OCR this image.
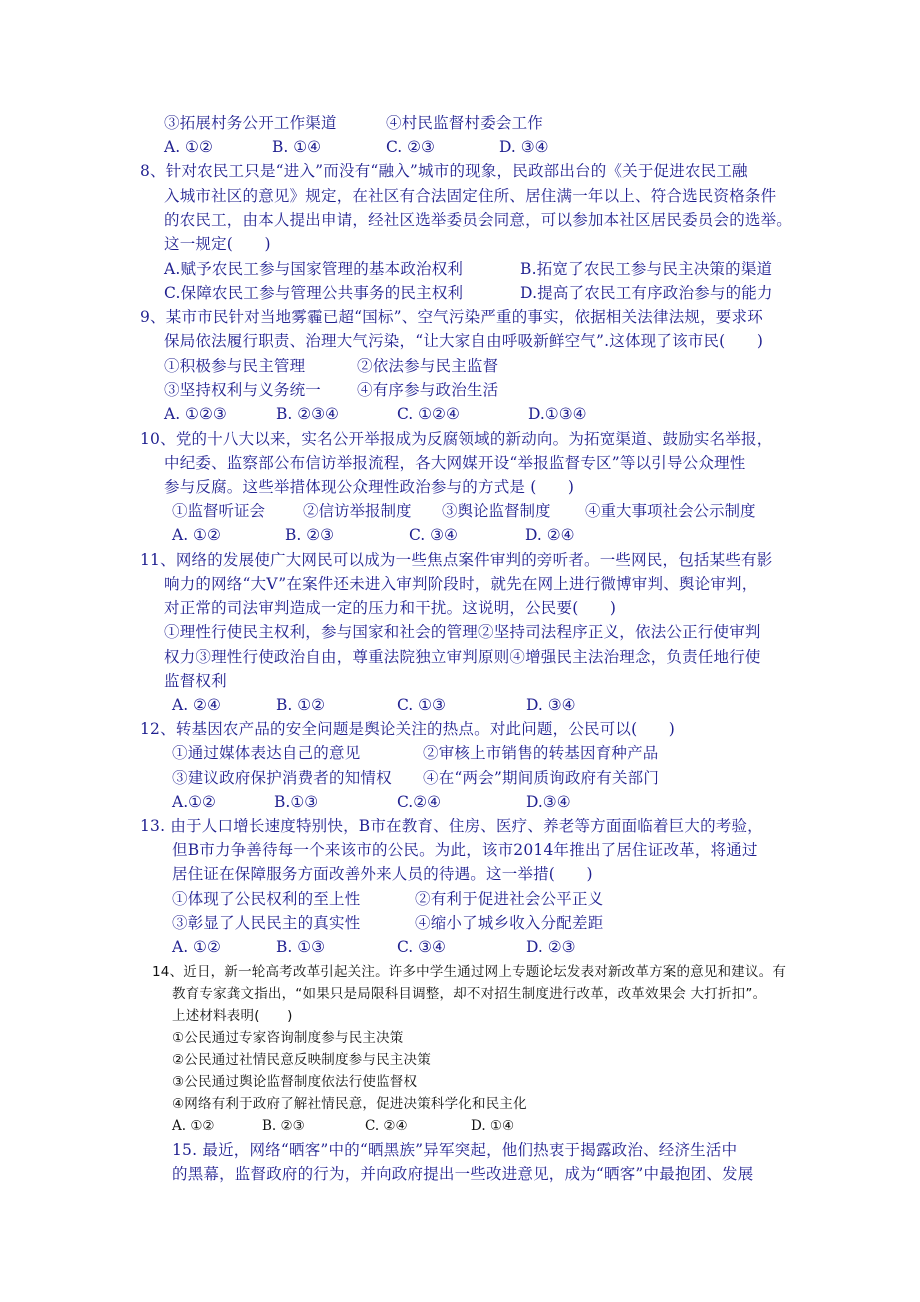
③拓展村务公开工作渠道	④村民监督村委会工作
A. ①②	B. ①④	C. ②③	D. ③④
8、针对农民工只是“进入”而没有“融入”城市的现象，民政部出台的《关于促进农民工融
入城市社区的意见》规定，在社区有合法固定住所、居住满一年以上、符合选民资格条件
的农民工，由本人提出申请，经社区选举委员会同意，可以参加本社区居民委员会的选举。
这一规定(　　)
A.赋予农民工参与国家管理的基本政治权利	B.拓宽了农民工参与民主决策的渠道
C.保障农民工参与管理公共事务的民主权利	D.提高了农民工有序政治参与的能力
9、某市市民针对当地雾霾已超“国标”、空气污染严重的事实，依据相关法律法规，要求环
保局依法履行职责、治理大气污染，“让大家自由呼吸新鲜空气”.这体现了该市民(　　)
①积极参与民主管理	②依法参与民主监督
③坚持权利与义务统一 ④有序参与政治生活
A. ①②③	B. ②③④	C. ①②④	D.①③④
10、党的十八大以来，实名公开举报成为反腐领域的新动向。为拓宽渠道、鼓励实名举报，
中纪委、监察部公布信访举报流程，各大网媒开设“举报监督专区”等以引导公众理性
参与反腐。这些举措体现公众理性政治参与的方式是 (　　)
①监督听证会 ②信访举报制度 ③舆论监督制度 ④重大事项社会公示制度
A. ①②	B. ②③	C. ③④	D. ②④
11、网络的发展使广大网民可以成为一些焦点案件审判的旁听者。一些网民，包括某些有影
响力的网络“大V”在案件还未进入审判阶段时，就先在网上进行微博审判、舆论审判，
对正常的司法审判造成一定的压力和干扰。这说明，公民要(　　)
①理性行使民主权利，参与国家和社会的管理②坚持司法程序正义，依法公正行使审判
权力③理性行使政治自由，尊重法院独立审判原则④增强民主法治理念，负责任地行使
监督权利
A. ②④	B. ①②	C. ①③	D. ③④
12、转基因农产品的安全问题是舆论关注的热点。对此问题，公民可以(　　)
①通过媒体表达自己的意见	②审核上市销售的转基因育种产品
③建议政府保护消费者的知情权 ④在“两会”期间质询政府有关部门
A.①②	B.①③	C.②④	D.③④
13. 由于人口增长速度特别快，B市在教育、住房、医疗、养老等方面面临着巨大的考验，
但B市力争善待每一个来该市的公民。为此，该市2014年推出了居住证改革，将通过
居住证在保障服务方面改善外来人员的待遇。这一举措(　　)
①体现了公民权利的至上性	②有利于促进社会公平正义
③彰显了人民民主的真实性	④缩小了城乡收入分配差距
A. ①②	B. ①③	C. ③④	D. ②③
14、近日，新一轮高考改革引起关注。许多中学生通过网上专题论坛发表对新改革方案的意见和建议。有
教育专家龚文指出，“如果只是局限科目调整，却不对招生制度进行改革，改革效果会 大打折扣”。
上述材料表明(　　)
①公民通过专家咨询制度参与民主决策
②公民通过社情民意反映制度参与民主决策
③公民通过舆论监督制度依法行使监督权
④网络有利于政府了解社情民意，促进决策科学化和民主化
A. ①②	B. ②③	C. ②④	D. ①④
15. 最近，网络“晒客”中的“晒黑族”异军突起，他们热衷于揭露政治、经济生活中
的黑幕，监督政府的行为，并向政府提出一些改进意见，成为“晒客”中最抱团、发展
